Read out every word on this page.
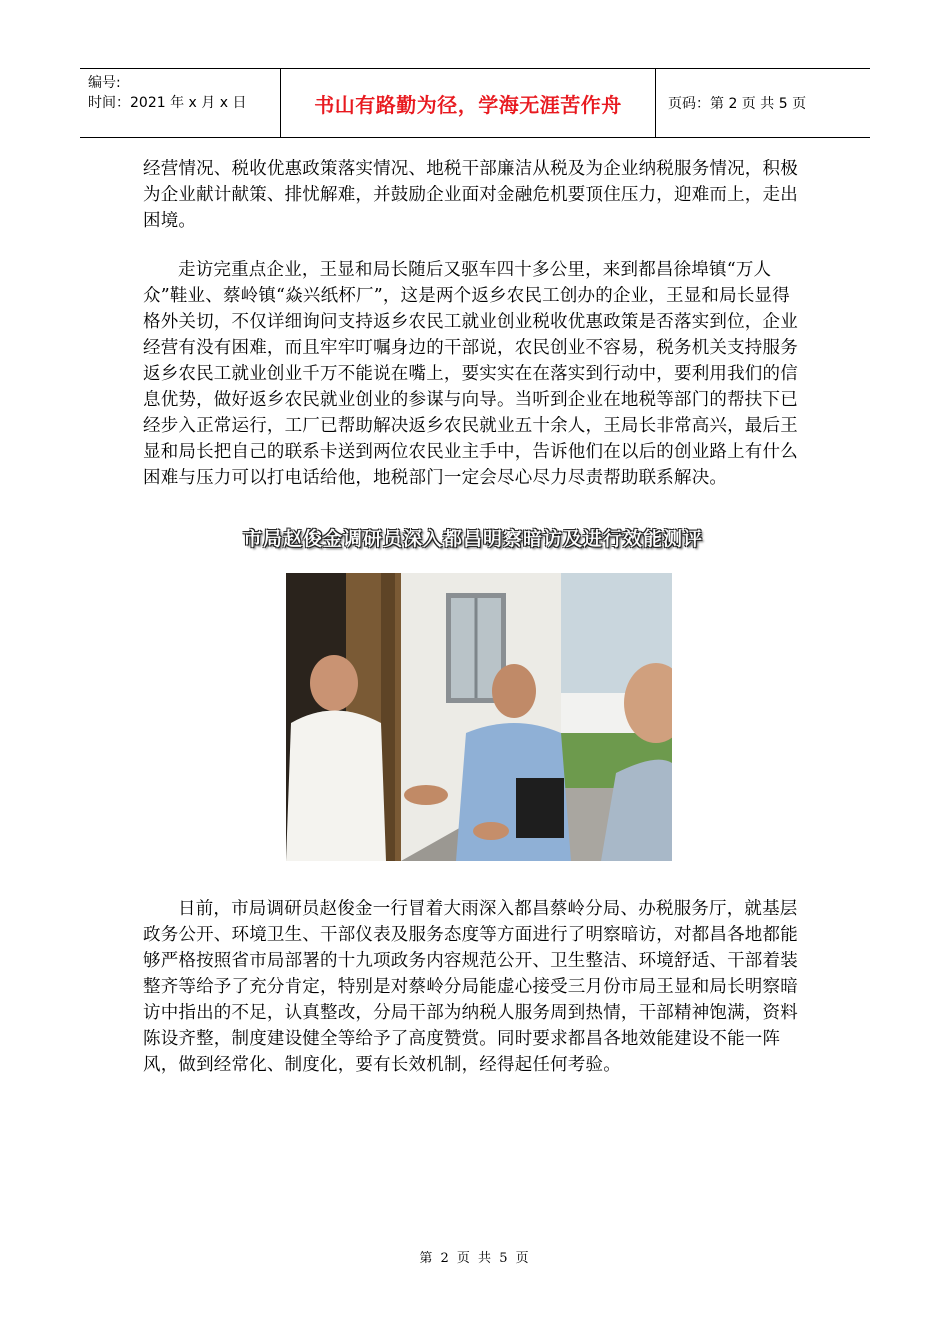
编号:
时间：2021 年 x 月 x 日	书山有路勤为径，学海无涯苦作舟	页码：第 2 页 共 5 页
经营情况、税收优惠政策落实情况、地税干部廉洁从税及为企业纳税服务情况，积极为企业献计献策、排忧解难，并鼓励企业面对金融危机要顶住压力，迎难而上，走出困境。
走访完重点企业，王显和局长随后又驱车四十多公里，来到都昌徐埠镇“万人众”鞋业、蔡岭镇“焱兴纸杯厂”，这是两个返乡农民工创办的企业，王显和局长显得格外关切，不仅详细询问支持返乡农民工就业创业税收优惠政策是否落实到位，企业经营有没有困难，而且牢牢叮嘱身边的干部说，农民创业不容易，税务机关支持服务返乡农民工就业创业千万不能说在嘴上，要实实在在落实到行动中，要利用我们的信息优势，做好返乡农民就业创业的参谋与向导。当听到企业在地税等部门的帮扶下已经步入正常运行，工厂已帮助解决返乡农民就业五十余人，王局长非常高兴，最后王显和局长把自己的联系卡送到两位农民业主手中，告诉他们在以后的创业路上有什么困难与压力可以打电话给他，地税部门一定会尽心尽力尽责帮助联系解决。
市局赵俊金调研员深入都昌明察暗访及进行效能测评
日前，市局调研员赵俊金一行冒着大雨深入都昌蔡岭分局、办税服务厅，就基层政务公开、环境卫生、干部仪表及服务态度等方面进行了明察暗访，对都昌各地都能够严格按照省市局部署的十九项政务内容规范公开、卫生整洁、环境舒适、干部着装整齐等给予了充分肯定，特别是对蔡岭分局能虚心接受三月份市局王显和局长明察暗访中指出的不足，认真整改，分局干部为纳税人服务周到热情，干部精神饱满，资料陈设齐整，制度建设健全等给予了高度赞赏。同时要求都昌各地效能建设不能一阵风，做到经常化、制度化，要有长效机制，经得起任何考验。
第 2 页 共 5 页
